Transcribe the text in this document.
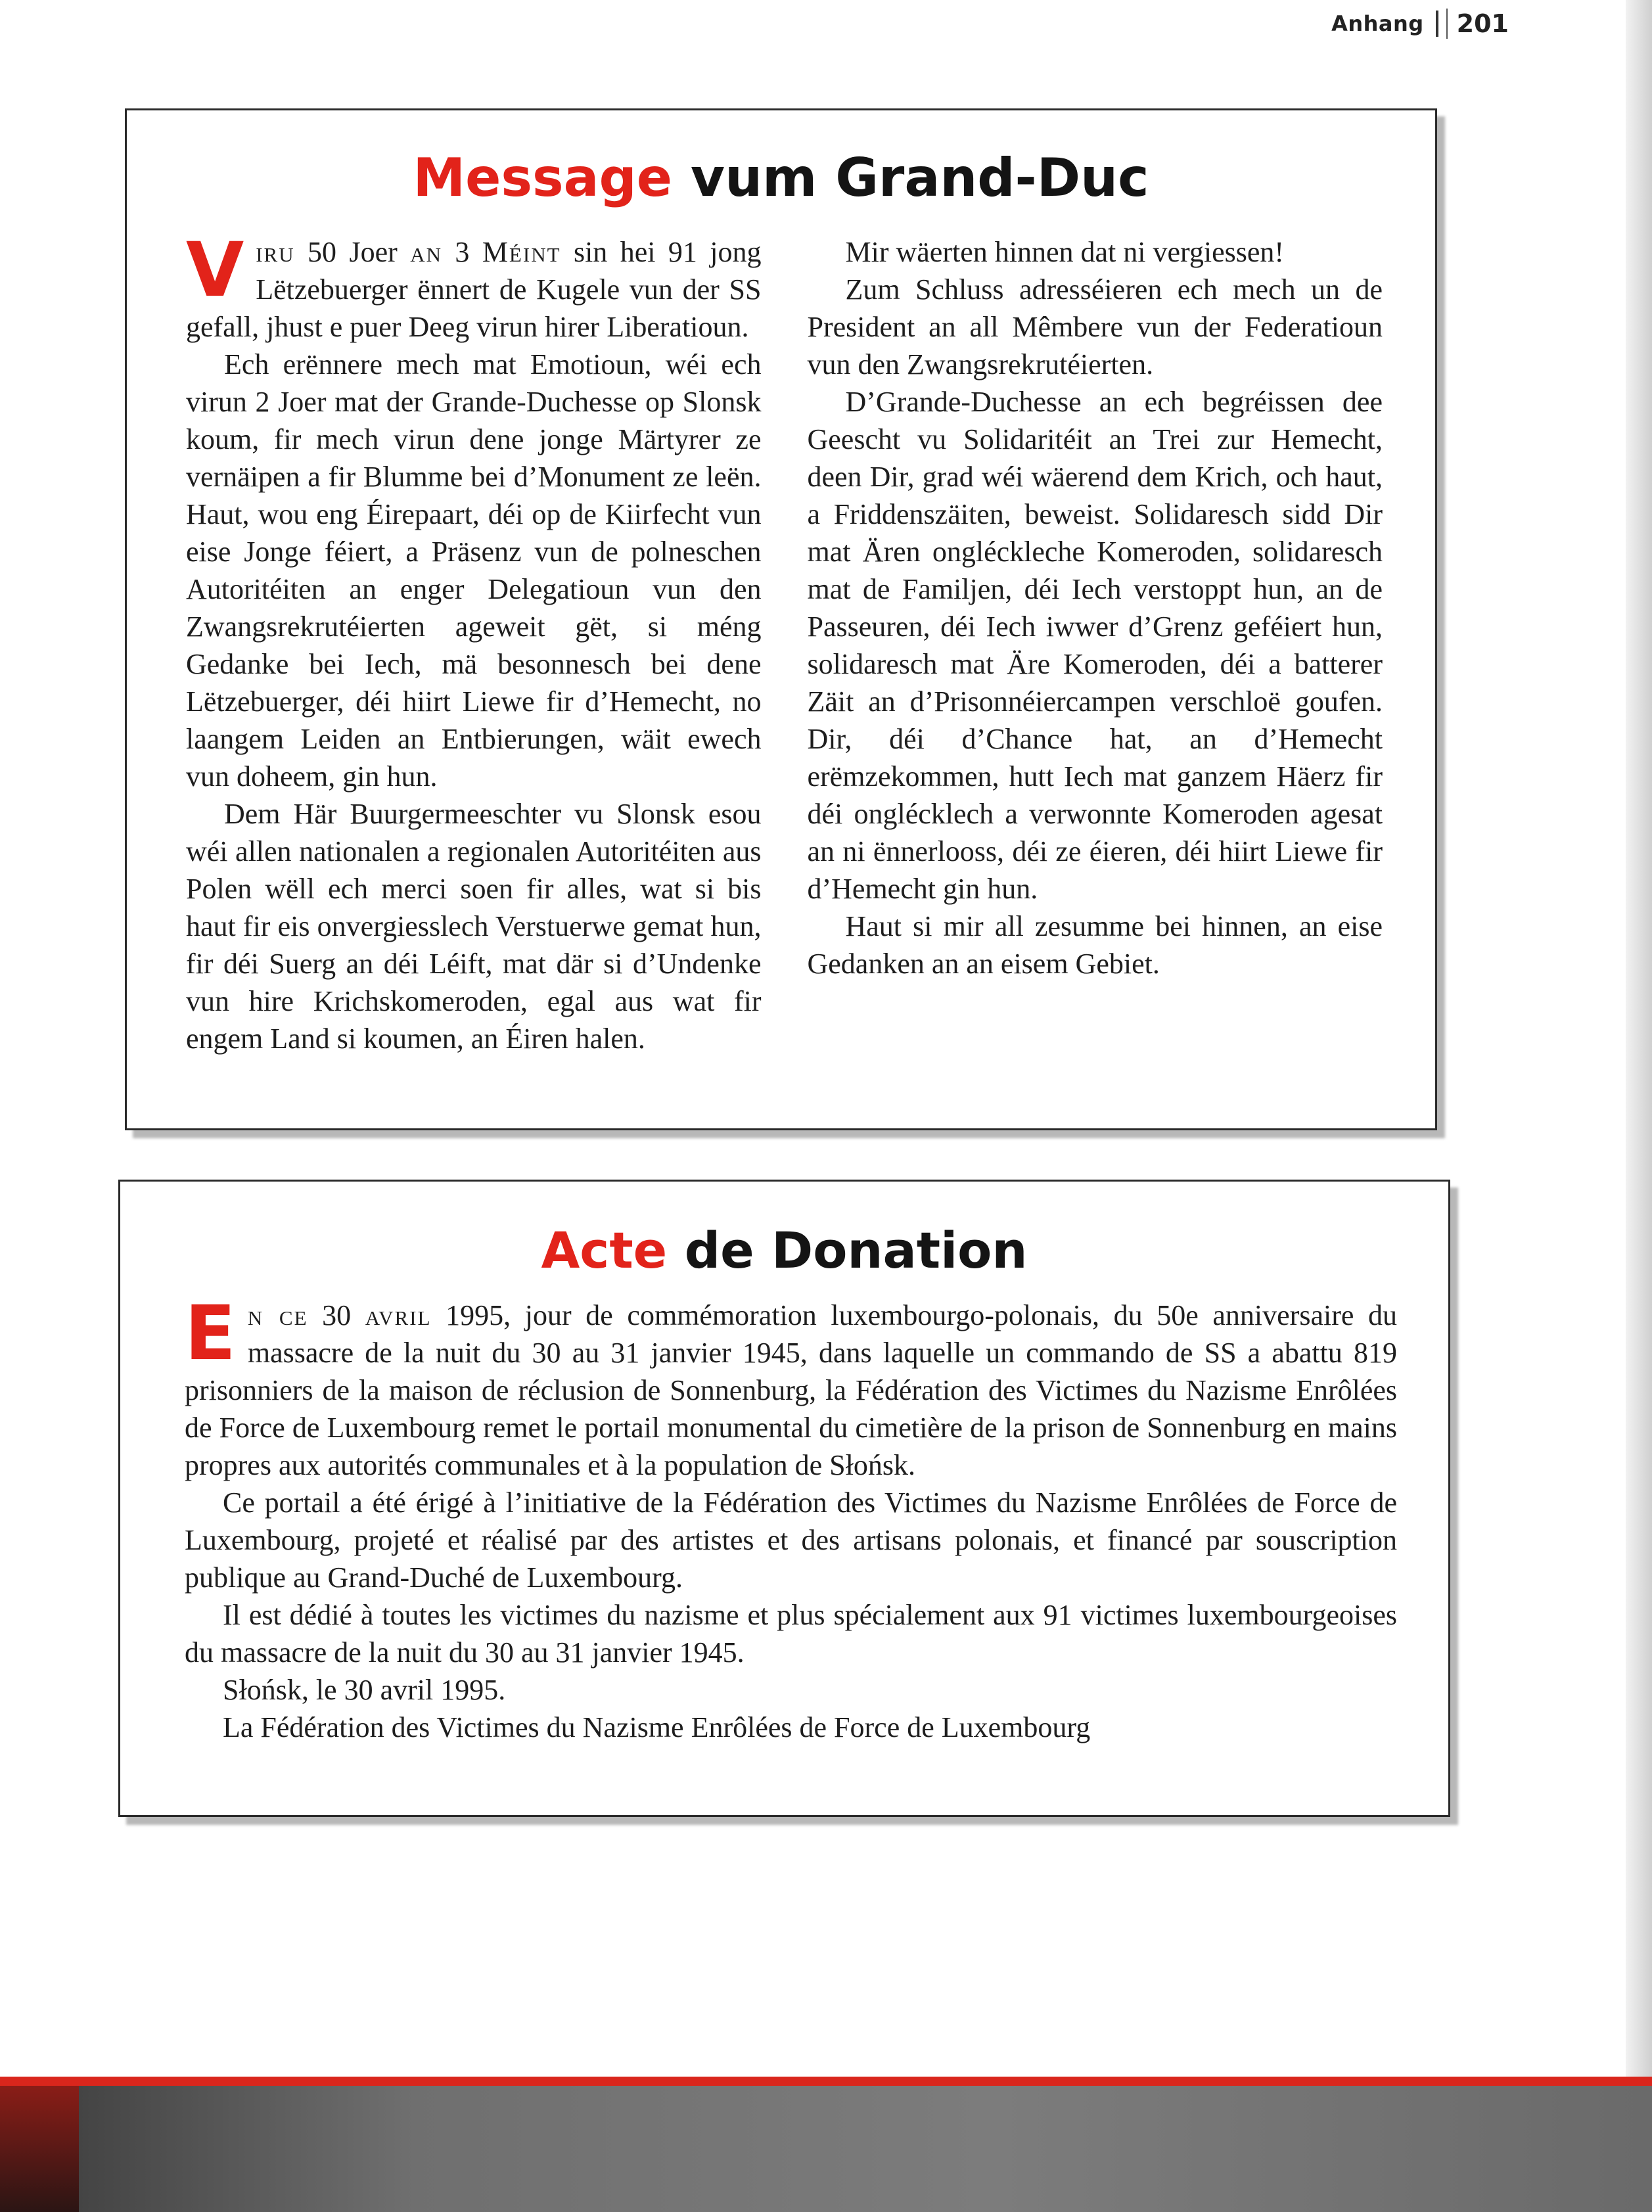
Anhang 201
Message vum Grand-Duc

Viru 50 Joer an 3 Méint sin hei 91 jong Lëtzebuerger ënnert de Kugele vun der SS gefall, jhust e puer Deeg virun hirer Liberatioun.

Ech erënnere mech mat Emotioun, wéi ech virun 2 Joer mat der Grande-Duchesse op Slonsk koum, fir mech virun dene jonge Märtyrer ze vernäipen a fir Blumme bei d’Monument ze leën. Haut, wou eng Éirepaart, déi op de Kiirfecht vun eise Jonge féiert, a Präsenz vun de polneschen Autoritéiten an enger Delegatioun vun den Zwangsrekrutéierten ageweit gët, si méng Gedanke bei Iech, mä besonnesch bei dene Lëtzebuerger, déi hiirt Liewe fir d’Hemecht, no laangem Leiden an Entbierungen, wäit ewech vun doheem, gin hun.

Dem Här Buurgermeeschter vu Slonsk esou wéi allen nationalen a regionalen Autoritéiten aus Polen wëll ech merci soen fir alles, wat si bis haut fir eis onvergiesslech Verstuerwe gemat hun, fir déi Suerg an déi Léift, mat där si d’Undenke vun hire Krichskomeroden, egal aus wat fir engem Land si koumen, an Éiren halen.

Mir wäerten hinnen dat ni vergiessen!

Zum Schluss adresséieren ech mech un de President an all Mêmbere vun der Federatioun vun den Zwangsrekrutéierten.

D’Grande-Duchesse an ech begréissen dee Geescht vu Solidaritéit an Trei zur Hemecht, deen Dir, grad wéi wäerend dem Krich, och haut, a Friddenszäiten, beweist. Solidaresch sidd Dir mat Ären ongléckleche Komeroden, solidaresch mat de Familjen, déi Iech verstoppt hun, an de Passeuren, déi Iech iwwer d’Grenz geféiert hun, solidaresch mat Äre Komeroden, déi a batterer Zäit an d’Prisonnéiercampen verschloë goufen. Dir, déi d’Chance hat, an d’Hemecht erëmzekommen, hutt Iech mat ganzem Häerz fir déi onglécklech a verwonnte Komeroden agesat an ni ënnerlooss, déi ze éieren, déi hiirt Liewe fir d’Hemecht gin hun.

Haut si mir all zesumme bei hinnen, an eise Gedanken an an eisem Gebiet.

Acte de Donation

En ce 30 avril 1995, jour de commémoration luxembourgo-polonais, du 50e anniversaire du massacre de la nuit du 30 au 31 janvier 1945, dans laquelle un commando de SS a abattu 819 prisonniers de la maison de réclusion de Sonnenburg, la Fédération des Victimes du Nazisme Enrôlées de Force de Luxembourg remet le portail monumental du cimetière de la prison de Sonnenburg en mains propres aux autorités communales et à la population de Słońsk.

Ce portail a été érigé à l’initiative de la Fédération des Victimes du Nazisme Enrôlées de Force de Luxembourg, projeté et réalisé par des artistes et des artisans polonais, et financé par souscription publique au Grand-Duché de Luxembourg.

Il est dédié à toutes les victimes du nazisme et plus spécialement aux 91 victimes luxembourgeoises du massacre de la nuit du 30 au 31 janvier 1945.

Słońsk, le 30 avril 1995.

La Fédération des Victimes du Nazisme Enrôlées de Force de Luxembourg
